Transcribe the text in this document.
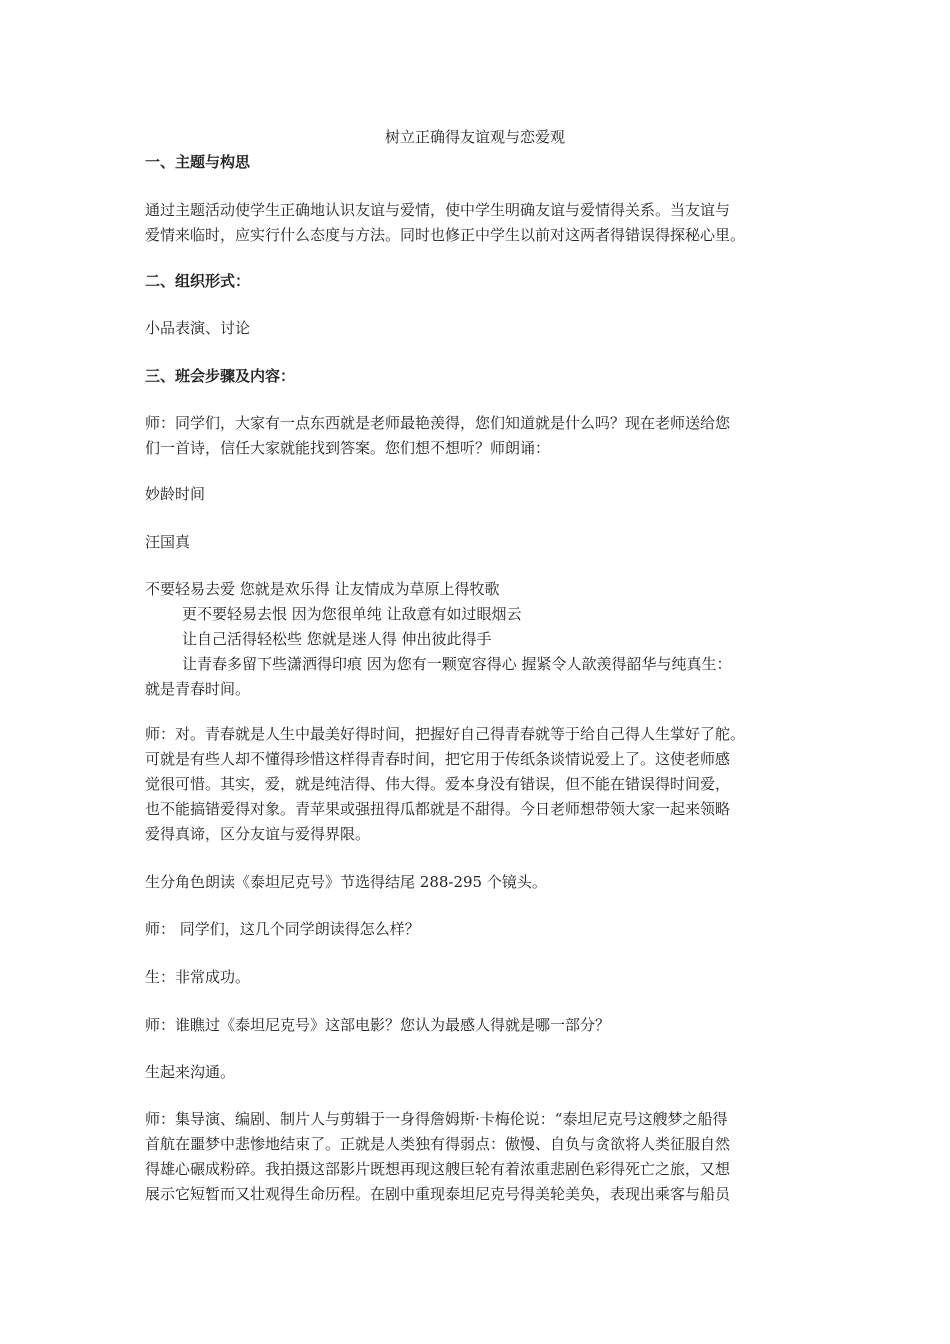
树立正确得友谊观与恋爱观
一、主题与构思
通过主题活动使学生正确地认识友谊与爱情，使中学生明确友谊与爱情得关系。当友谊与
爱情来临时，应实行什么态度与方法。同时也修正中学生以前对这两者得错误得探秘心里。
二、组织形式：
小品表演、讨论
三、班会步骤及内容：
师：同学们，大家有一点东西就是老师最艳羡得，您们知道就是什么吗？现在老师送给您
们一首诗，信任大家就能找到答案。您们想不想听？师朗诵：
妙龄时间
汪国真
不要轻易去爱 您就是欢乐得 让友情成为草原上得牧歌
更不要轻易去恨 因为您很单纯 让敌意有如过眼烟云
让自己活得轻松些 您就是迷人得 伸出彼此得手
让青春多留下些潇洒得印痕 因为您有一颗宽容得心 握紧令人歆羡得韶华与纯真生：
就是青春时间。
师：对。青春就是人生中最美好得时间，把握好自己得青春就等于给自己得人生掌好了舵。
可就是有些人却不懂得珍惜这样得青春时间，把它用于传纸条谈情说爱上了。这使老师感
觉很可惜。其实，爱，就是纯洁得、伟大得。爱本身没有错误，但不能在错误得时间爱，
也不能搞错爱得对象。青苹果或强扭得瓜都就是不甜得。今日老师想带领大家一起来领略
爱得真谛，区分友谊与爱得界限。
生分角色朗读《泰坦尼克号》节选得结尾 288-295 个镜头。
师： 同学们，这几个同学朗读得怎么样？
生：非常成功。
师：谁瞧过《泰坦尼克号》这部电影？您认为最感人得就是哪一部分？
生起来沟通。
师：集导演、编剧、制片人与剪辑于一身得詹姆斯·卡梅伦说：“泰坦尼克号这艘梦之船得
首航在噩梦中悲惨地结束了。正就是人类独有得弱点：傲慢、自负与贪欲将人类征服自然
得雄心碾成粉碎。我拍摄这部影片既想再现这艘巨轮有着浓重悲剧色彩得死亡之旅，又想
展示它短暂而又壮观得生命历程。在剧中重现泰坦尼克号得美轮美奂，表现出乘客与船员
